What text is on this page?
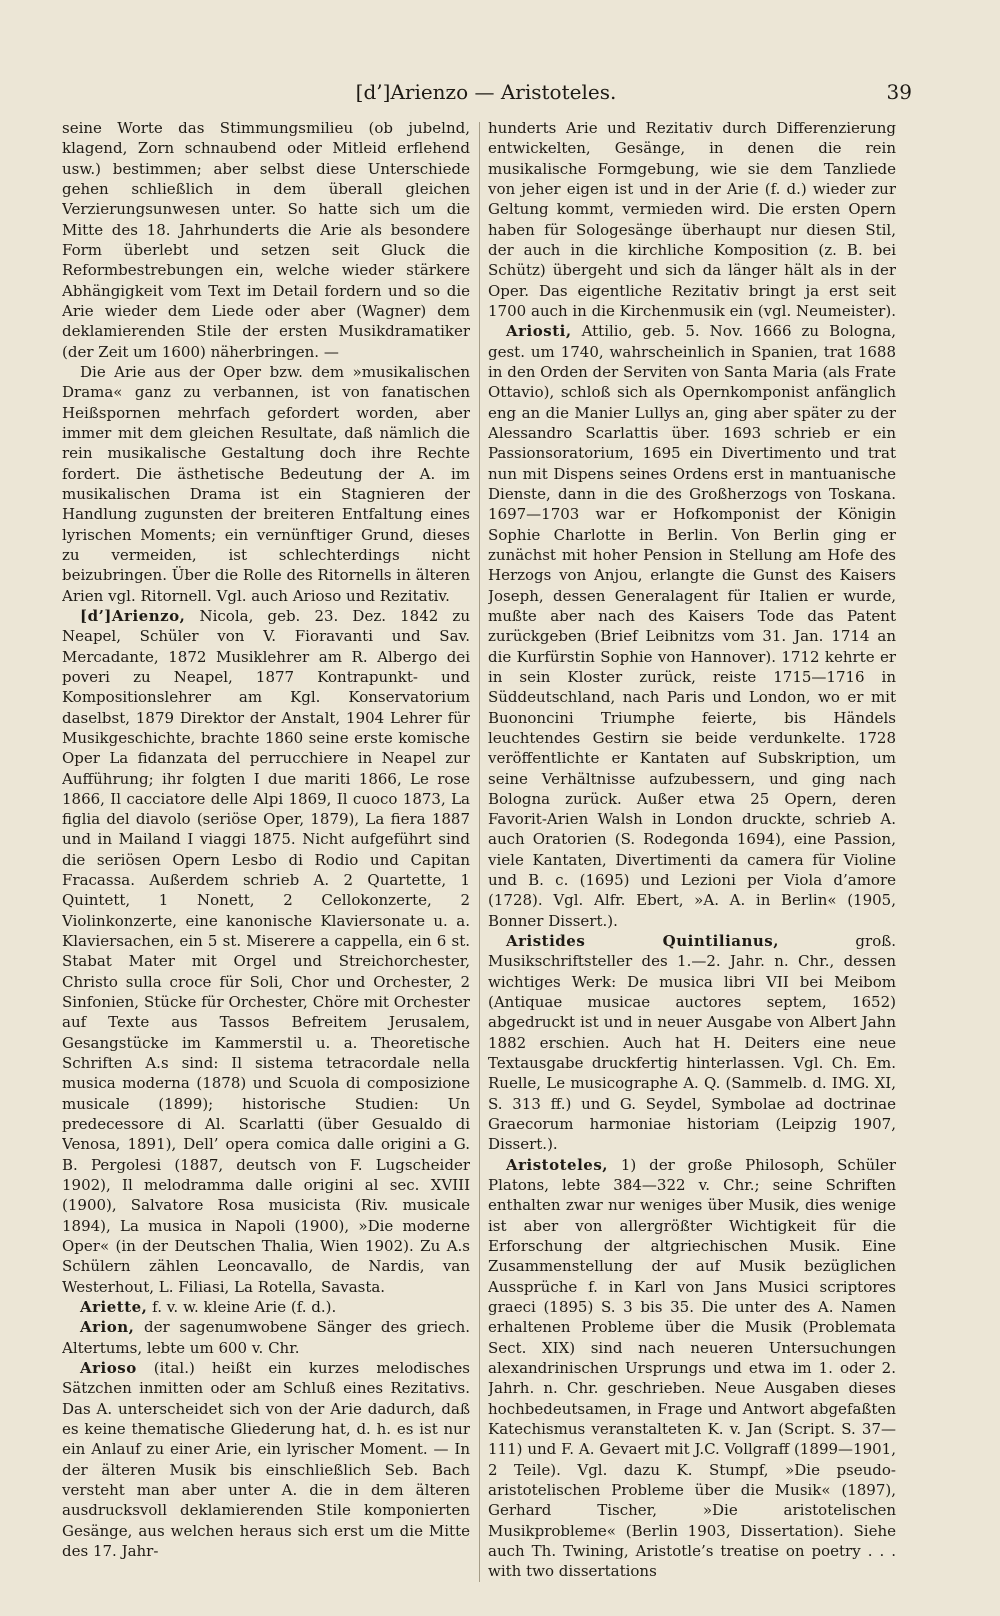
[d’]Arienzo — Aristoteles.	39

seine Worte das Stimmungsmilieu (ob jubelnd, klagend, Zorn schnaubend oder Mitleid erflehend usw.) bestimmen; aber selbst diese Unterschiede gehen schließlich in dem überall gleichen Verzierungsunwesen unter. So hatte sich um die Mitte des 18. Jahrhunderts die Arie als besondere Form überlebt und setzen seit Gluck die Reformbestrebungen ein, welche wieder stärkere Abhängigkeit vom Text im Detail fordern und so die Arie wieder dem Liede oder aber (Wagner) dem deklamierenden Stile der ersten Musikdramatiker (der Zeit um 1600) näherbringen. —

Die Arie aus der Oper bzw. dem »musikalischen Drama« ganz zu verbannen, ist von fanatischen Heißspornen mehrfach gefordert worden, aber immer mit dem gleichen Resultate, daß nämlich die rein musikalische Gestaltung doch ihre Rechte fordert. Die ästhetische Bedeutung der A. im musikalischen Drama ist ein Stagnieren der Handlung zugunsten der breiteren Entfaltung eines lyrischen Moments; ein vernünftiger Grund, dieses zu vermeiden, ist schlechterdings nicht beizubringen. Über die Rolle des Ritornells in älteren Arien vgl. Ritornell. Vgl. auch Arioso und Rezitativ.

[d’]Arienzo, Nicola, geb. 23. Dez. 1842 zu Neapel, Schüler von V. Fioravanti und Sav. Mercadante, 1872 Musiklehrer am R. Albergo dei poveri zu Neapel, 1877 Kontrapunkt- und Kompositionslehrer am Kgl. Konservatorium daselbst, 1879 Direktor der Anstalt, 1904 Lehrer für Musikgeschichte, brachte 1860 seine erste komische Oper La fidanzata del perrucchiere in Neapel zur Aufführung; ihr folgten I due mariti 1866, Le rose 1866, Il cacciatore delle Alpi 1869, Il cuoco 1873, La figlia del diavolo (seriöse Oper, 1879), La fiera 1887 und in Mailand I viaggi 1875. Nicht aufgeführt sind die seriösen Opern Lesbo di Rodio und Capitan Fracassa. Außerdem schrieb A. 2 Quartette, 1 Quintett, 1 Nonett, 2 Cellokonzerte, 2 Violinkonzerte, eine kanonische Klaviersonate u. a. Klaviersachen, ein 5 st. Miserere a cappella, ein 6 st. Stabat Mater mit Orgel und Streichorchester, Christo sulla croce für Soli, Chor und Orchester, 2 Sinfonien, Stücke für Orchester, Chöre mit Orchester auf Texte aus Tassos Befreitem Jerusalem, Gesangstücke im Kammerstil u. a. Theoretische Schriften A.s sind: Il sistema tetracordale nella musica moderna (1878) und Scuola di composizione musicale (1899); historische Studien: Un predecessore di Al. Scarlatti (über Gesualdo di Venosa, 1891), Dell’ opera comica dalle origini a G. B. Pergolesi (1887, deutsch von F. Lugscheider 1902), Il melodramma dalle origini al sec. XVIII (1900), Salvatore Rosa musicista (Riv. musicale 1894), La musica in Napoli (1900), »Die moderne Oper« (in der Deutschen Thalia, Wien 1902). Zu A.s Schülern zählen Leoncavallo, de Nardis, van Westerhout, L. Filiasi, La Rotella, Savasta.

Ariette, f. v. w. kleine Arie (f. d.).

Arion, der sagenumwobene Sänger des griech. Altertums, lebte um 600 v. Chr.

Arioso (ital.) heißt ein kurzes melodisches Sätzchen inmitten oder am Schluß eines Rezitativs. Das A. unterscheidet sich von der Arie dadurch, daß es keine thematische Gliederung hat, d. h. es ist nur ein Anlauf zu einer Arie, ein lyrischer Moment. — In der älteren Musik bis einschließlich Seb. Bach versteht man aber unter A. die in dem älteren ausdrucksvoll deklamierenden Stile komponierten Gesänge, aus welchen heraus sich erst um die Mitte des 17. Jahr-

hunderts Arie und Rezitativ durch Differenzierung entwickelten, Gesänge, in denen die rein musikalische Formgebung, wie sie dem Tanzliede von jeher eigen ist und in der Arie (f. d.) wieder zur Geltung kommt, vermieden wird. Die ersten Opern haben für Sologesänge überhaupt nur diesen Stil, der auch in die kirchliche Komposition (z. B. bei Schütz) übergeht und sich da länger hält als in der Oper. Das eigentliche Rezitativ bringt ja erst seit 1700 auch in die Kirchenmusik ein (vgl. Neumeister).

Ariosti, Attilio, geb. 5. Nov. 1666 zu Bologna, gest. um 1740, wahrscheinlich in Spanien, trat 1688 in den Orden der Serviten von Santa Maria (als Frate Ottavio), schloß sich als Opernkomponist anfänglich eng an die Manier Lullys an, ging aber später zu der Alessandro Scarlattis über. 1693 schrieb er ein Passionsoratorium, 1695 ein Divertimento und trat nun mit Dispens seines Ordens erst in mantuanische Dienste, dann in die des Großherzogs von Toskana. 1697—1703 war er Hofkomponist der Königin Sophie Charlotte in Berlin. Von Berlin ging er zunächst mit hoher Pension in Stellung am Hofe des Herzogs von Anjou, erlangte die Gunst des Kaisers Joseph, dessen Generalagent für Italien er wurde, mußte aber nach des Kaisers Tode das Patent zurückgeben (Brief Leibnitzs vom 31. Jan. 1714 an die Kurfürstin Sophie von Hannover). 1712 kehrte er in sein Kloster zurück, reiste 1715—1716 in Süddeutschland, nach Paris und London, wo er mit Buononcini Triumphe feierte, bis Händels leuchtendes Gestirn sie beide verdunkelte. 1728 veröffentlichte er Kantaten auf Subskription, um seine Verhältnisse aufzubessern, und ging nach Bologna zurück. Außer etwa 25 Opern, deren Favorit-Arien Walsh in London druckte, schrieb A. auch Oratorien (S. Rodegonda 1694), eine Passion, viele Kantaten, Divertimenti da camera für Violine und B. c. (1695) und Lezioni per Viola d’amore (1728). Vgl. Alfr. Ebert, »A. A. in Berlin« (1905, Bonner Dissert.).

Aristides Quintilianus, groß. Musikschriftsteller des 1.—2. Jahr. n. Chr., dessen wichtiges Werk: De musica libri VII bei Meibom (Antiquae musicae auctores septem, 1652) abgedruckt ist und in neuer Ausgabe von Albert Jahn 1882 erschien. Auch hat H. Deiters eine neue Textausgabe druckfertig hinterlassen. Vgl. Ch. Em. Ruelle, Le musicographe A. Q. (Sammelb. d. IMG. XI, S. 313 ff.) und G. Seydel, Symbolae ad doctrinae Graecorum harmoniae historiam (Leipzig 1907, Dissert.).

Aristoteles, 1) der große Philosoph, Schüler Platons, lebte 384—322 v. Chr.; seine Schriften enthalten zwar nur weniges über Musik, dies wenige ist aber von allergrößter Wichtigkeit für die Erforschung der altgriechischen Musik. Eine Zusammenstellung der auf Musik bezüglichen Aussprüche f. in Karl von Jans Musici scriptores graeci (1895) S. 3 bis 35. Die unter des A. Namen erhaltenen Probleme über die Musik (Problemata Sect. XIX) sind nach neueren Untersuchungen alexandrinischen Ursprungs und etwa im 1. oder 2. Jahrh. n. Chr. geschrieben. Neue Ausgaben dieses hochbedeutsamen, in Frage und Antwort abgefaßten Katechismus veranstalteten K. v. Jan (Script. S. 37—111) und F. A. Gevaert mit J.C. Vollgraff (1899—1901, 2 Teile). Vgl. dazu K. Stumpf, »Die pseudo-aristotelischen Probleme über die Musik« (1897), Gerhard Tischer, »Die aristotelischen Musikprobleme« (Berlin 1903, Dissertation). Siehe auch Th. Twining, Aristotle’s treatise on poetry . . . with two dissertations
